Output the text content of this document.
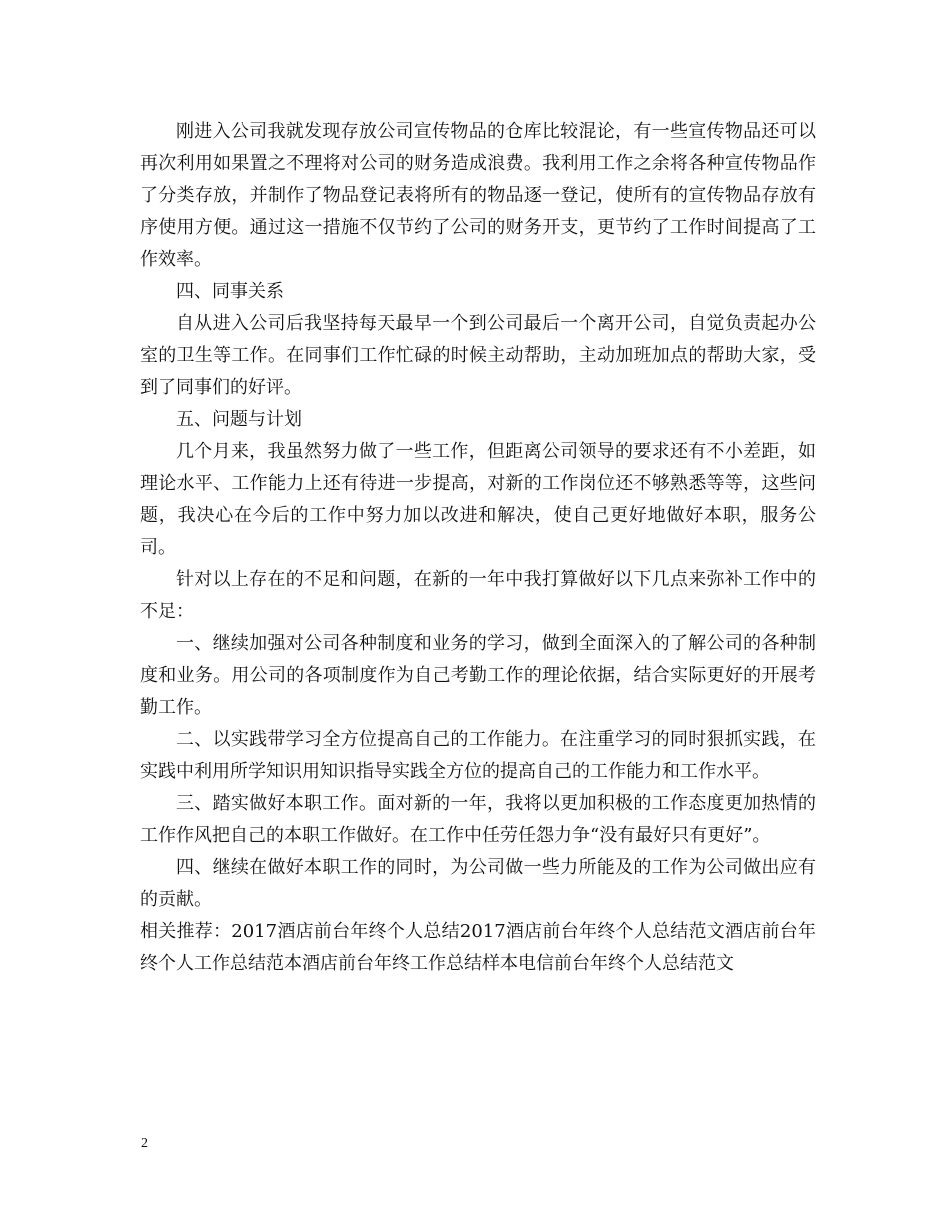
刚进入公司我就发现存放公司宣传物品的仓库比较混论，有一些宣传物品还可以再次利用如果置之不理将对公司的财务造成浪费。我利用工作之余将各种宣传物品作了分类存放，并制作了物品登记表将所有的物品逐一登记，使所有的宣传物品存放有序使用方便。通过这一措施不仅节约了公司的财务开支，更节约了工作时间提高了工作效率。

四、同事关系

自从进入公司后我坚持每天最早一个到公司最后一个离开公司，自觉负责起办公室的卫生等工作。在同事们工作忙碌的时候主动帮助，主动加班加点的帮助大家，受到了同事们的好评。

五、问题与计划

几个月来，我虽然努力做了一些工作，但距离公司领导的要求还有不小差距，如理论水平、工作能力上还有待进一步提高，对新的工作岗位还不够熟悉等等，这些问题，我决心在今后的工作中努力加以改进和解决，使自己更好地做好本职，服务公司。

针对以上存在的不足和问题，在新的一年中我打算做好以下几点来弥补工作中的不足：

一、继续加强对公司各种制度和业务的学习，做到全面深入的了解公司的各种制度和业务。用公司的各项制度作为自己考勤工作的理论依据，结合实际更好的开展考勤工作。

二、以实践带学习全方位提高自己的工作能力。在注重学习的同时狠抓实践，在实践中利用所学知识用知识指导实践全方位的提高自己的工作能力和工作水平。

三、踏实做好本职工作。面对新的一年，我将以更加积极的工作态度更加热情的工作作风把自己的本职工作做好。在工作中任劳任怨力争“没有最好只有更好”。

四、继续在做好本职工作的同时，为公司做一些力所能及的工作为公司做出应有的贡献。

相关推荐：2017酒店前台年终个人总结2017酒店前台年终个人总结范文酒店前台年终个人工作总结范本酒店前台年终工作总结样本电信前台年终个人总结范文

2
